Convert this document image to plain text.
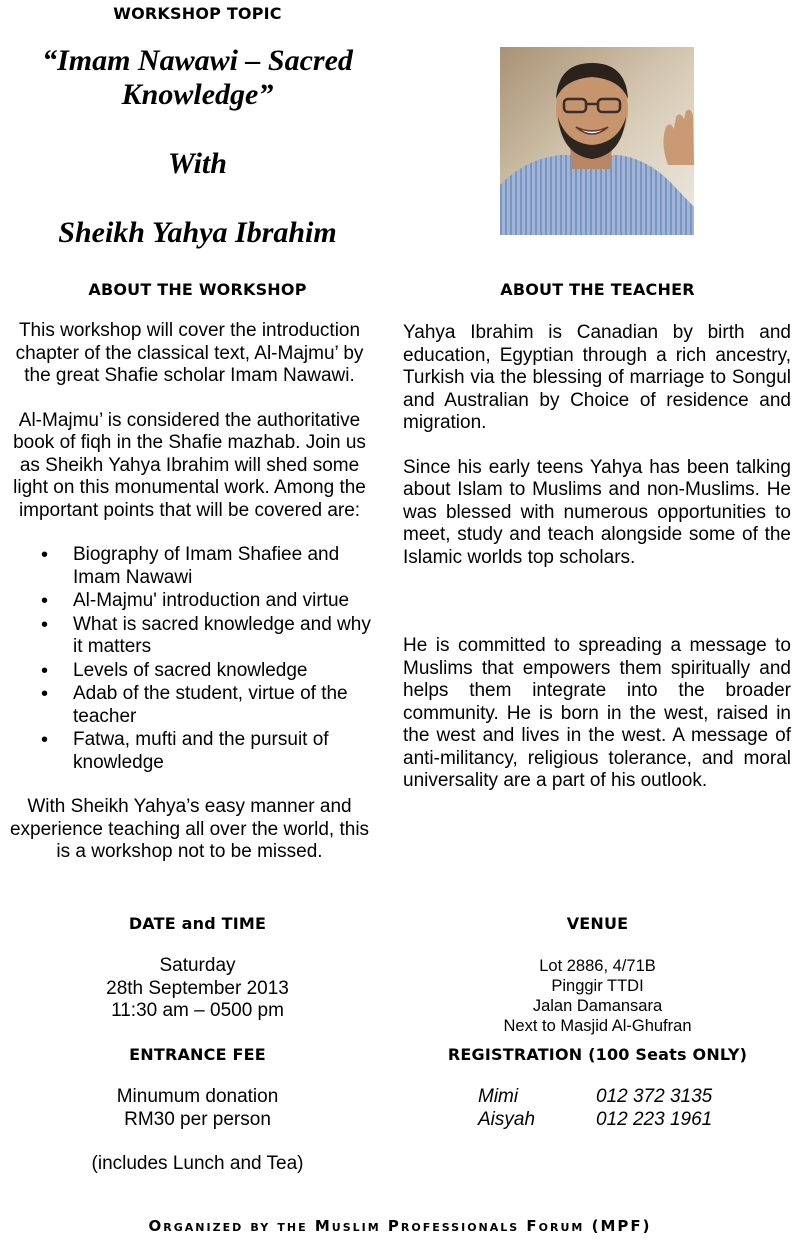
WORKSHOP TOPIC
“Imam Nawawi – Sacred
Knowledge”
With
Sheikh Yahya Ibrahim
ABOUT THE WORKSHOP

This workshop will cover the introduction chapter of the classical text, Al-Majmu’ by the great Shafie scholar Imam Nawawi.

Al-Majmu’ is considered the authoritative book of fiqh in the Shafie mazhab. Join us as Sheikh Yahya Ibrahim will shed some light on this monumental work. Among the important points that will be covered are:

• Biography of Imam Shafiee and Imam Nawawi
• Al-Majmu' introduction and virtue
• What is sacred knowledge and why it matters
• Levels of sacred knowledge
• Adab of the student, virtue of the teacher
• Fatwa, mufti and the pursuit of knowledge

With Sheikh Yahya’s easy manner and experience teaching all over the world, this is a workshop not to be missed.

ABOUT THE TEACHER

Yahya Ibrahim is Canadian by birth and education, Egyptian through a rich ancestry, Turkish via the blessing of marriage to Songul and Australian by Choice of residence and migration.

Since his early teens Yahya has been talking about Islam to Muslims and non-Muslims. He was blessed with numerous opportunities to meet, study and teach alongside some of the Islamic worlds top scholars.

He is committed to spreading a message to Muslims that empowers them spiritually and helps them integrate into the broader community. He is born in the west, raised in the west and lives in the west. A message of anti-militancy, religious tolerance, and moral universality are a part of his outlook.

DATE and TIME
Saturday
28th September 2013
11:30 am – 0500 pm
VENUE
Lot 2886, 4/71B
Pinggir TTDI
Jalan Damansara
Next to Masjid Al-Ghufran
ENTRANCE FEE
Minumum donation
RM30 per person
(includes Lunch and Tea)
REGISTRATION (100 Seats ONLY)
Mimi	012 372 3135
Aisyah	012 223 1961
Organized by the Muslim Professionals Forum (MPF)
